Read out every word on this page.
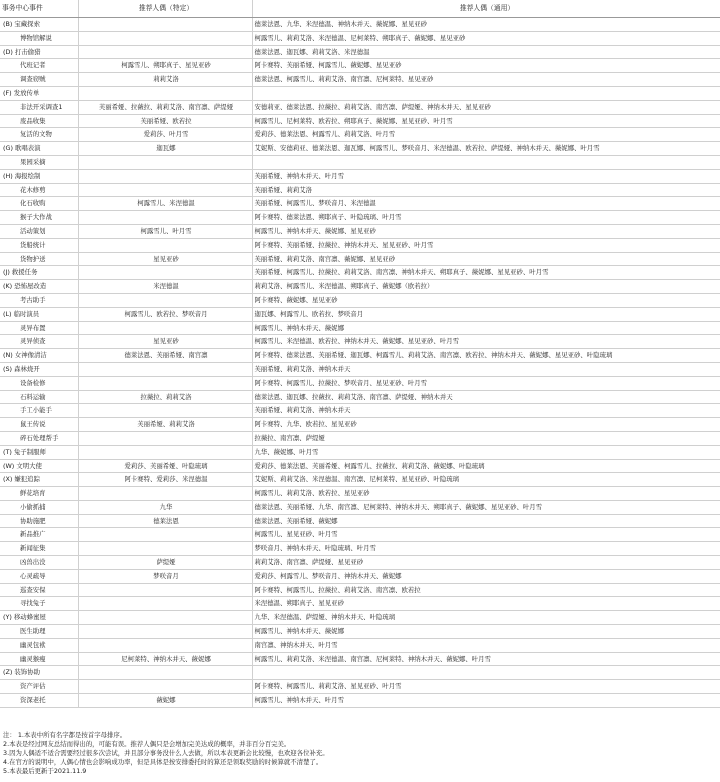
事务中心事件	推荐人偶（特定）	推荐人偶（通用）
(B) 宝藏探索		德莱法恩、九华、米涅德温、神纳木并天、薇妮娜、星见亚砂
博物馆解说		柯露雪儿、莉莉艾洛、米涅德温、尼柯莱特、朔耶真子、薇妮娜、星见亚砂
(D) 打击偷猎		德莱法恩、迦瓦娜、莉莉艾洛、米涅德温
代班记者	柯露雪儿、朔耶真子、星见亚砂	阿卡赛特、芙丽希娅、柯露雪儿、薇妮娜、星见亚砂
调查窃贼	莉莉艾洛	德莱法恩、柯露雪儿、莉莉艾洛、南宫凛、尼柯莱特、星见亚砂
(F) 发放传单		
非法开采调查1	芙丽希娅、拉薇拉、莉莉艾洛、南宫凛、萨缇娅	安德莉亚、德莱法恩、拉薇拉、莉莉艾洛、南宫凛、萨缇娅、神纳木并天、星见亚砂
废品收集	芙丽希娅、欧若拉	柯露雪儿、尼柯莱特、欧若拉、朔耶真子、薇妮娜、星见亚砂、叶月雪
复活的文物	爱莉莎、叶月雪	爱莉莎、德莱法恩、柯露雪儿、莉莉艾洛、叶月雪
(G) 歌唱表演	迦瓦娜	艾妮斯、安德莉亚、德莱法恩、迦瓦娜、柯露雪儿、梦咲音月、米涅德温、欧若拉、萨缇娅、神纳木并天、薇妮娜、叶月雪
果园采摘		
(H) 海报绘制		芙丽希娅、神纳木并天、叶月雪
花木修剪		芙丽希娅、莉莉艾洛
化石收购	柯露雪儿、米涅德温	芙丽希娅、柯露雪儿、梦咲音月、米涅德温
猴子大作战		阿卡赛特、德莱法恩、朔耶真子、叶隐琉璃、叶月雪
活动策划	柯露雪儿、叶月雪	柯露雪儿、神纳木并天、薇妮娜、星见亚砂
货船统计		阿卡赛特、芙丽希娅、拉薇拉、神纳木并天、星见亚砂、叶月雪
货物护送	星见亚砂	芙丽希娅、莉莉艾洛、南宫凛、薇妮娜、星见亚砂
(J) 救援任务		芙丽希娅、柯露雪儿、拉薇拉、莉莉艾洛、南宫凛、神纳木并天、朔耶真子、薇妮娜、星见亚砂、叶月雪
(K) 恐怖屋改造	米涅德温	莉莉艾洛、柯露雪儿、米涅德温、朔耶真子、薇妮娜（欧若拉）
考古助手		阿卡赛特、薇妮娜、星见亚砂
(L) 临时演员	柯露雪儿、欧若拉、梦咲音月	迦瓦娜、柯露雪儿、欧若拉、梦咲音月
灵异布置		柯露雪儿、神纳木并天、薇妮娜
灵异侦查	星见亚砂	柯露雪儿、米涅德温、欧若拉、神纳木并天、薇妮娜、星见亚砂、叶月雪
(N) 女神像清洁	德莱法恩、芙丽希娅、南宫凛	阿卡赛特、德莱法恩、芙丽希娅、迦瓦娜、柯露雪儿、莉莉艾洛、南宫凛、欧若拉、神纳木并天、薇妮娜、星见亚砂、叶隐琉璃
(S) 森林烧开		芙丽希娅、莉莉艾洛、神纳木并天
设备检修		阿卡赛特、柯露雪儿、拉薇拉、梦咲音月、星见亚砂、叶月雪
石料运输	拉薇拉、莉莉艾洛	德莱法恩、迦瓦娜、拉薇拉、莉莉艾洛、南宫凛、萨缇娅、神纳木并天
手工小能手		芙丽希娅、莉莉艾洛、神纳木并天
鼠王传说	芙丽希娅、莉莉艾洛	阿卡赛特、九华、欧若拉、星见亚砂
碎石处理帮手		拉薇拉、南宫凛、萨缇娅
(T) 兔子制服师		九华、薇妮娜、叶月雪
(W) 文明大使	爱莉莎、芙丽希娅、叶隐琉璃	爱莉莎、德莱法恩、芙丽希娅、柯露雪儿、拉薇拉、莉莉艾洛、薇妮娜、叶隐琉璃
(X) 嫌犯追踪	阿卡赛特、爱莉莎、米涅德温	艾妮斯、莉莉艾洛、米涅德温、南宫凛、尼柯莱特、星见亚砂、叶隐琉璃
鲜花培育		柯露雪儿、莉莉艾洛、欧若拉、星见亚砂
小偷抓捕	九华	德莱法恩、芙丽希娅、九华、南宫凛、尼柯莱特、神纳木并天、朔耶真子、薇妮娜、星见亚砂、叶月雪
协助施肥	德莱法恩	德莱法恩、芙丽希娅、薇妮娜
新品推广		柯露雪儿、星见亚砂、叶月雪
新闻征集		梦咲音月、神纳木并天、叶隐琉璃、叶月雪
凶兽出没	萨缇娅	莉莉艾洛、南宫凛、萨缇娅、星见亚砂
心灵疏导	梦咲音月	爱莉莎、柯露雪儿、梦咲音月、神纳木并天、薇妮娜
巡查安保		阿卡赛特、柯露雪儿、拉薇拉、莉莉艾洛、南宫凛、欧若拉
寻找兔子		米涅德温、朔耶真子、星见亚砂
(Y) 移动蜂蜜屋		九华、米涅德温、萨缇娅、神纳木并天、叶隐琉璃
医生助理		柯露雪儿、神纳木并天、薇妮娜
幽灵包袱		南宫凛、神纳木并天、叶月雪
幽灵猴瘦	尼柯莱特、神纳木并天、薇妮娜	柯露雪儿、莉莉艾洛、米涅德温、南宫凛、尼柯莱特、神纳木并天、薇妮娜、叶月雪
(Z) 装饰协助		
资产评估		阿卡赛特、柯露雪儿、莉莉艾洛、星见亚砂、叶月雪
资深老托	薇妮娜	柯露雪儿、神纳木并天、叶月雪
注： 1.本表中所有名字都是按首字母排序。
2.本表是经过网友总结而得出的，可能有误。推荐人偶只是会增加完美达成的概率，并非百分百完美。
3.因为人偶适不适合需要经过很多次尝试，并且部分事务没什么人去做，所以本表更新会比较慢，也欢迎各位补充。
4.在官方的说明中，人偶心情也会影响成功率，但是具体是按安排委托时的算还是领取奖励的时候算就不清楚了。
5.本表最后更新于2021.11.9
